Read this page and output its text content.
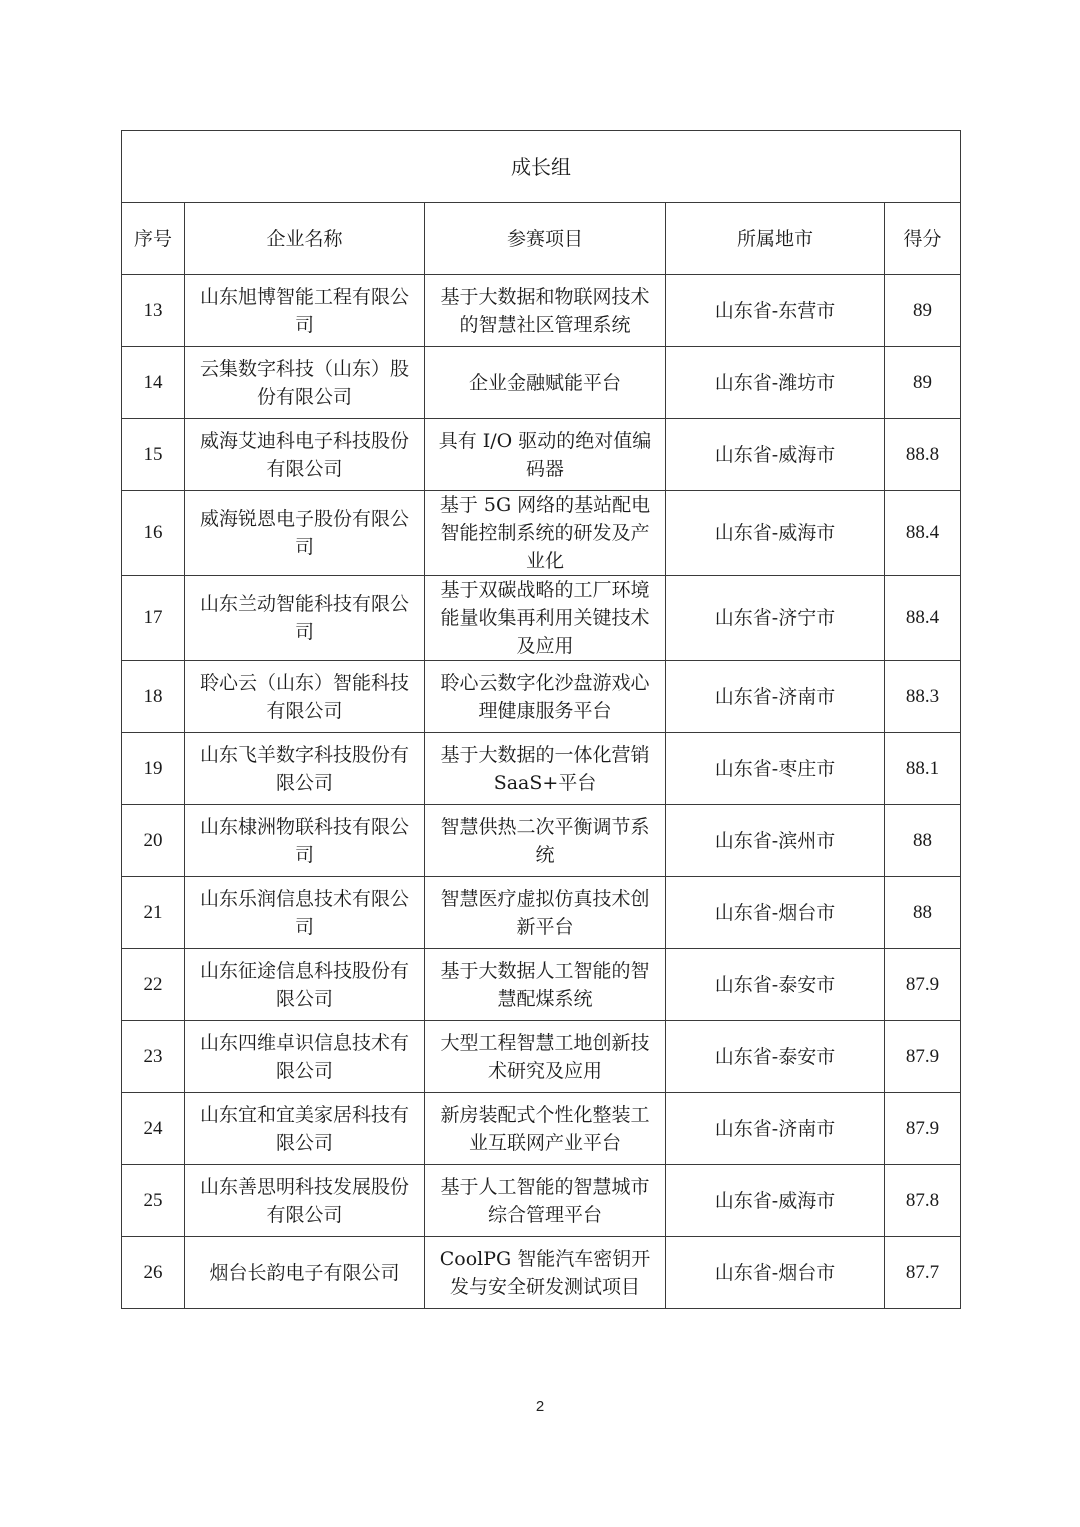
成长组				
序号	企业名称	参赛项目	所属地市	得分
13	山东旭博智能工程有限公司	基于大数据和物联网技术的智慧社区管理系统	山东省-东营市	89
14	云集数字科技（山东）股份有限公司	企业金融赋能平台	山东省-潍坊市	89
15	威海艾迪科电子科技股份有限公司	具有 I/O 驱动的绝对值编码器	山东省-威海市	88.8
16	威海锐恩电子股份有限公司	基于 5G 网络的基站配电智能控制系统的研发及产业化	山东省-威海市	88.4
17	山东兰动智能科技有限公司	基于双碳战略的工厂环境能量收集再利用关键技术及应用	山东省-济宁市	88.4
18	聆心云（山东）智能科技有限公司	聆心云数字化沙盘游戏心理健康服务平台	山东省-济南市	88.3
19	山东飞羊数字科技股份有限公司	基于大数据的一体化营销 SaaS+平台	山东省-枣庄市	88.1
20	山东棣洲物联科技有限公司	智慧供热二次平衡调节系统	山东省-滨州市	88
21	山东乐润信息技术有限公司	智慧医疗虚拟仿真技术创新平台	山东省-烟台市	88
22	山东征途信息科技股份有限公司	基于大数据人工智能的智慧配煤系统	山东省-泰安市	87.9
23	山东四维卓识信息技术有限公司	大型工程智慧工地创新技术研究及应用	山东省-泰安市	87.9
24	山东宜和宜美家居科技有限公司	新房装配式个性化整装工业互联网产业平台	山东省-济南市	87.9
25	山东善思明科技发展股份有限公司	基于人工智能的智慧城市综合管理平台	山东省-威海市	87.8
26	烟台长韵电子有限公司	CoolPG 智能汽车密钥开发与安全研发测试项目	山东省-烟台市	87.7
2
